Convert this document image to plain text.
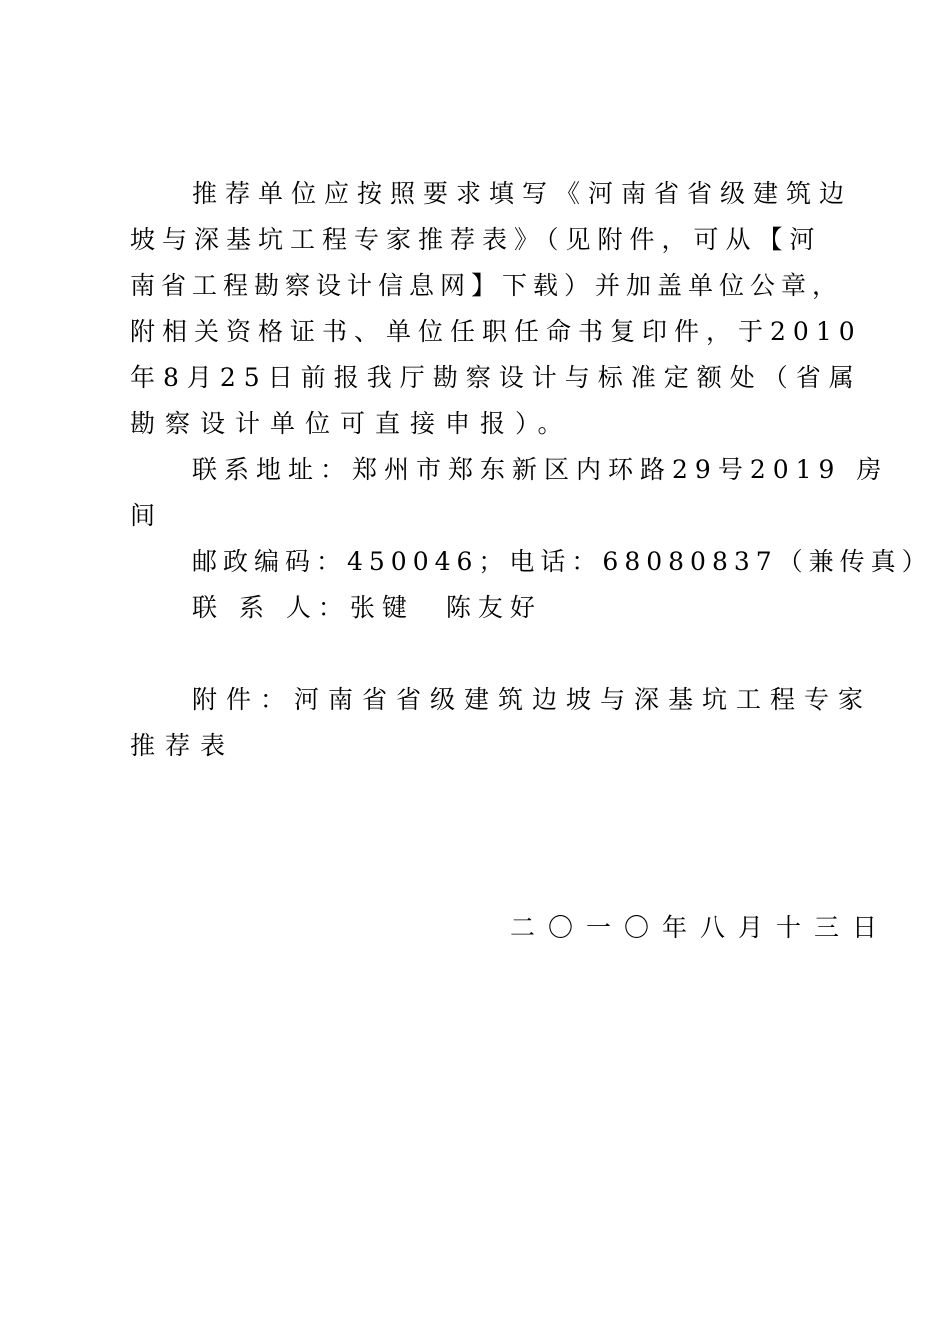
推荐单位应按照要求填写《河南省省级建筑边
坡与深基坑工程专家推荐表》（见附件，可从【河
南省工程勘察设计信息网】下载）并加盖单位公章，
附相关资格证书、单位任职任命书复印件，于2010
年8月25日前报我厅勘察设计与标准定额处（省属
勘察设计单位可直接申报）。
联系地址：郑州市郑东新区内环路29号2019 房
间
邮政编码：450046；电话：68080837（兼传真）
联 系 人：张键　陈友好
附件：河南省省级建筑边坡与深基坑工程专家
推荐表
二〇一〇年八月十三日
